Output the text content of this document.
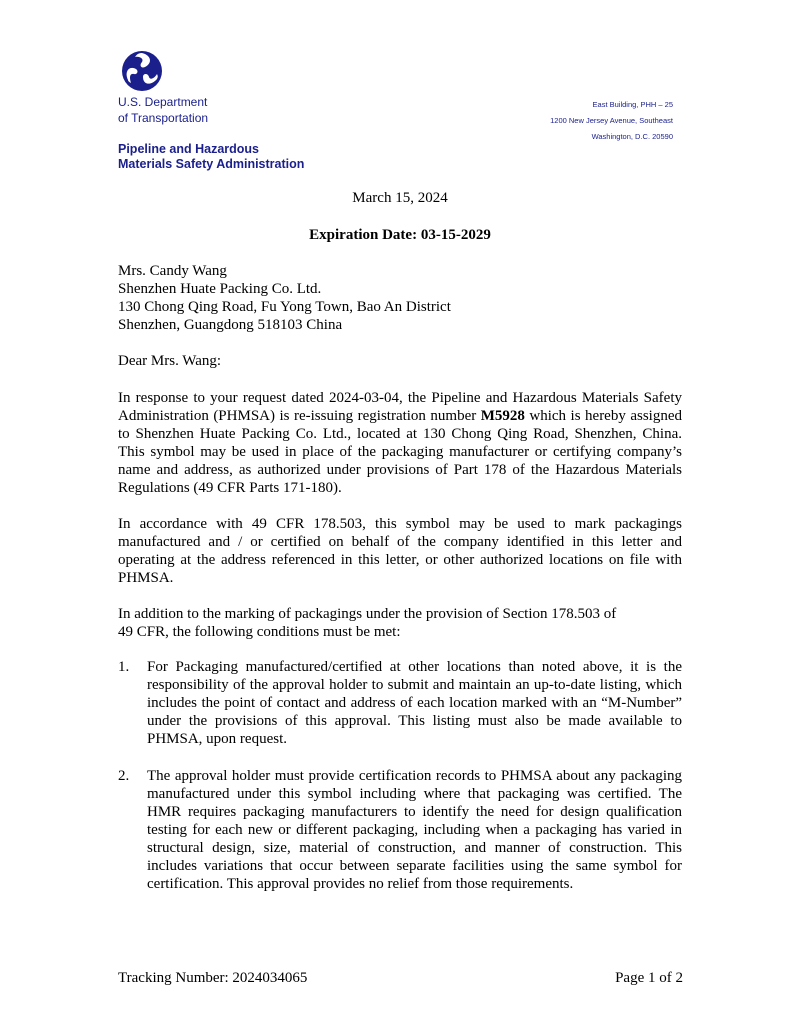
U.S. Department
of Transportation
Pipeline and Hazardous
Materials Safety Administration
East Building, PHH – 25
1200 New Jersey Avenue, Southeast
Washington, D.C. 20590
March 15, 2024
Expiration Date: 03-15-2029
Mrs. Candy Wang
Shenzhen Huate Packing Co. Ltd.
130 Chong Qing Road, Fu Yong Town, Bao An District
Shenzhen, Guangdong 518103 China
Dear Mrs. Wang:
In response to your request dated 2024-03-04, the Pipeline and Hazardous Materials Safety Administration (PHMSA) is re-issuing registration number M5928 which is hereby assigned to Shenzhen Huate Packing Co. Ltd., located at 130 Chong Qing Road, Shenzhen, China. This symbol may be used in place of the packaging manufacturer or certifying company’s name and address, as authorized under provisions of Part 178 of the Hazardous Materials Regulations (49 CFR Parts 171-180).
In accordance with 49 CFR 178.503, this symbol may be used to mark packagings manufactured and / or certified on behalf of the company identified in this letter and operating at the address referenced in this letter, or other authorized locations on file with PHMSA.
In addition to the marking of packagings under the provision of Section 178.503 of
49 CFR, the following conditions must be met:
1.	For Packaging manufactured/certified at other locations than noted above, it is the responsibility of the approval holder to submit and maintain an up-to-date listing, which includes the point of contact and address of each location marked with an “M-Number” under the provisions of this approval. This listing must also be made available to PHMSA, upon request.
2.	The approval holder must provide certification records to PHMSA about any packaging manufactured under this symbol including where that packaging was certified. The HMR requires packaging manufacturers to identify the need for design qualification testing for each new or different packaging, including when a packaging has varied in structural design, size, material of construction, and manner of construction. This includes variations that occur between separate facilities using the same symbol for certification. This approval provides no relief from those requirements.
Tracking Number: 2024034065	Page 1 of 2
